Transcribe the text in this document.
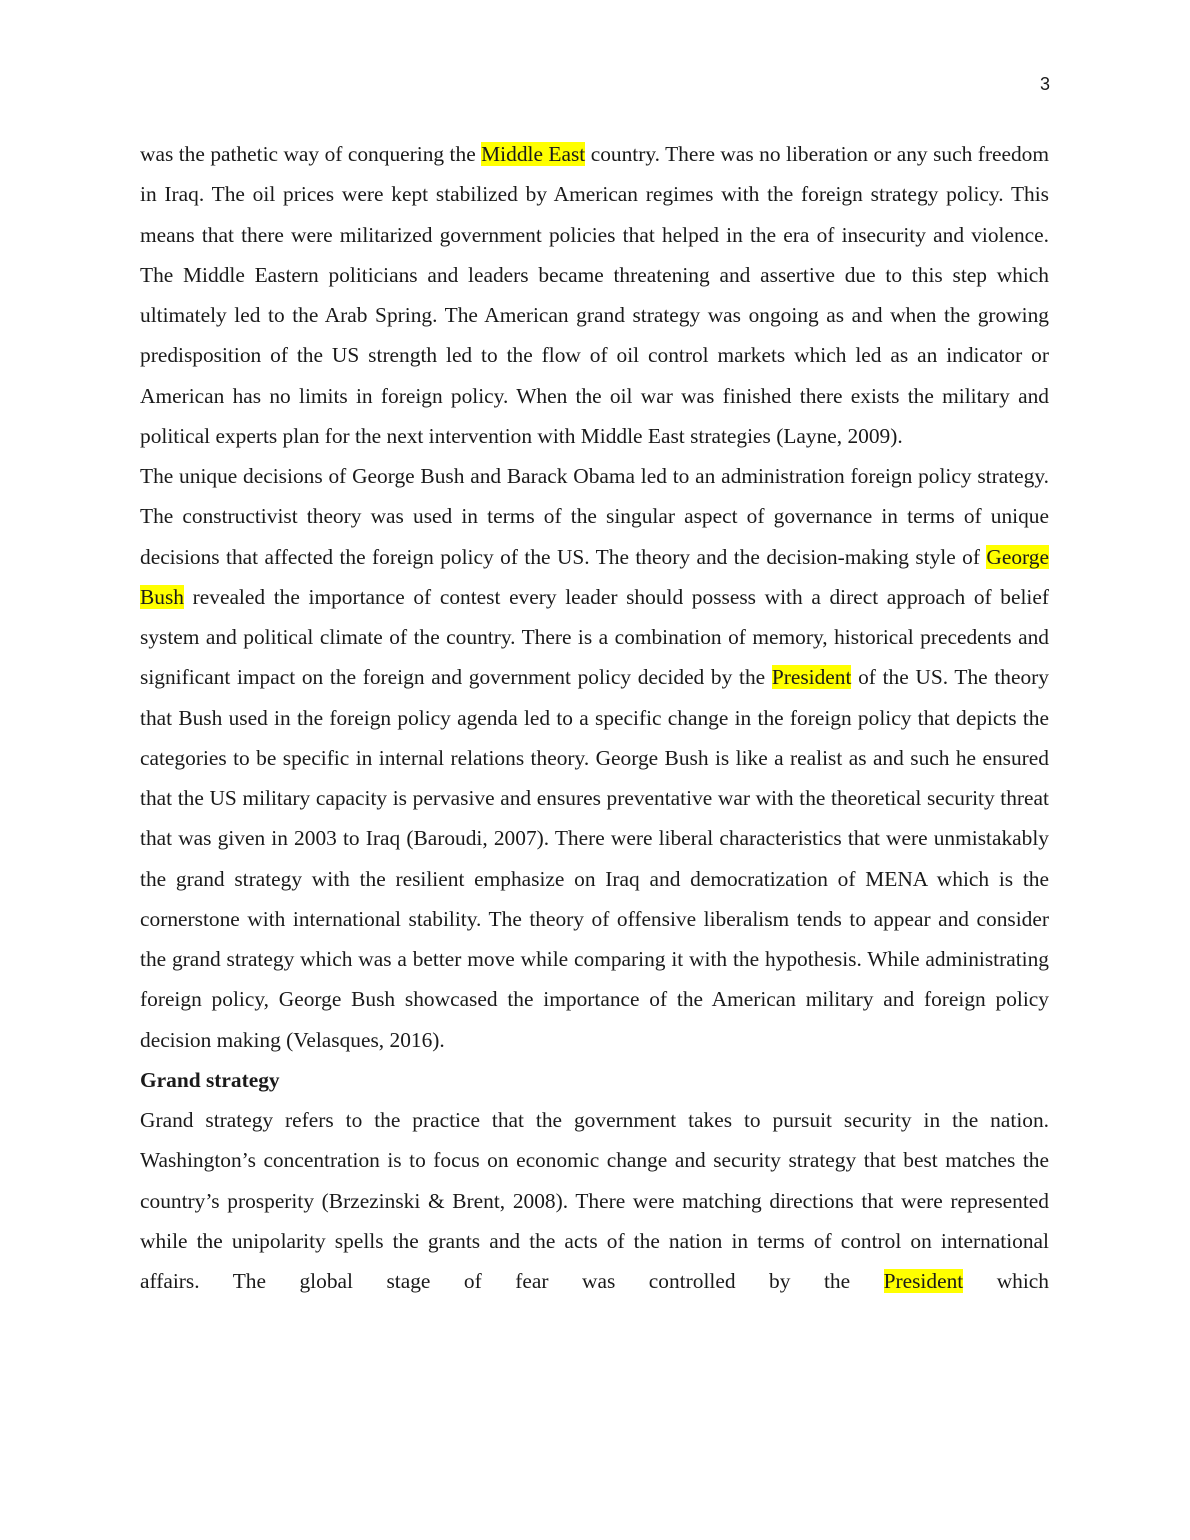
3

was the pathetic way of conquering the Middle East country. There was no liberation or any such freedom in Iraq. The oil prices were kept stabilized by American regimes with the foreign strategy policy. This means that there were militarized government policies that helped in the era of insecurity and violence. The Middle Eastern politicians and leaders became threatening and assertive due to this step which ultimately led to the Arab Spring. The American grand strategy was ongoing as and when the growing predisposition of the US strength led to the flow of oil control markets which led as an indicator or American has no limits in foreign policy. When the oil war was finished there exists the military and political experts plan for the next intervention with Middle East strategies (Layne, 2009).

The unique decisions of George Bush and Barack Obama led to an administration foreign policy strategy. The constructivist theory was used in terms of the singular aspect of governance in terms of unique decisions that affected the foreign policy of the US. The theory and the decision-making style of George Bush revealed the importance of contest every leader should possess with a direct approach of belief system and political climate of the country. There is a combination of memory, historical precedents and significant impact on the foreign and government policy decided by the President of the US. The theory that Bush used in the foreign policy agenda led to a specific change in the foreign policy that depicts the categories to be specific in internal relations theory. George Bush is like a realist as and such he ensured that the US military capacity is pervasive and ensures preventative war with the theoretical security threat that was given in 2003 to Iraq (Baroudi, 2007). There were liberal characteristics that were unmistakably the grand strategy with the resilient emphasize on Iraq and democratization of MENA which is the cornerstone with international stability. The theory of offensive liberalism tends to appear and consider the grand strategy which was a better move while comparing it with the hypothesis. While administrating foreign policy, George Bush showcased the importance of the American military and foreign policy decision making (Velasques, 2016).

Grand strategy

Grand strategy refers to the practice that the government takes to pursuit security in the nation. Washington’s concentration is to focus on economic change and security strategy that best matches the country’s prosperity (Brzezinski & Brent, 2008). There were matching directions that were represented while the unipolarity spells the grants and the acts of the nation in terms of control on international affairs. The global stage of fear was controlled by the President which
